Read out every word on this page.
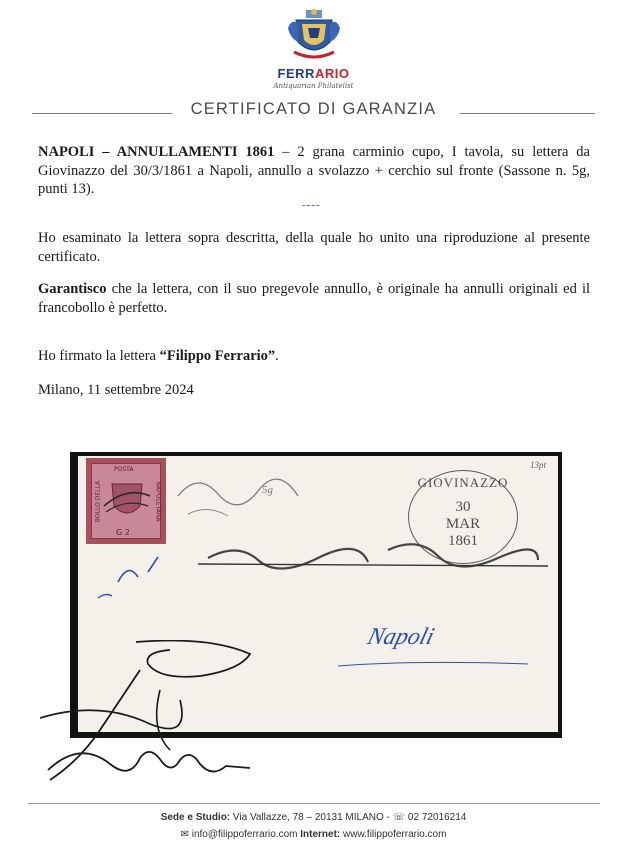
FERRARIO
Antiquarian Philatelist
CERTIFICATO DI GARANZIA
NAPOLI – ANNULLAMENTI 1861 – 2 grana carminio cupo, I tavola, su lettera da Giovinazzo del 30/3/1861 a Napoli, annullo a svolazzo + cerchio sul fronte (Sassone n. 5g, punti 13).
----
Ho esaminato la lettera sopra descritta, della quale ho unito una riproduzione al presente certificato.
Garantisco che la lettera, con il suo pregevole annullo, è originale ha annulli originali ed il francobollo è perfetto.
Ho firmato la lettera “Filippo Ferrario”.
Milano, 11 settembre 2024
POSTA
BOLLO DELLA	NAPOLETANA
G 2
5g
13pt
GIOVINAZZO
30
MAR
1861
Napoli
Sede e Studio: Via Vallazze, 78 – 20131 MILANO - ☏ 02 72016214
✉ info@filippoferrario.com Internet: www.filippoferrario.com
